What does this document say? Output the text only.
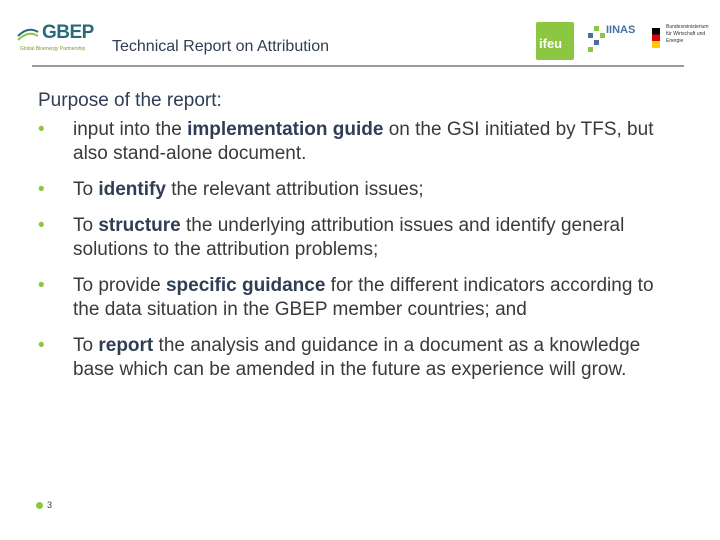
GBEP
Global Bioenergy Partnership Technical Report on Attribution	ifeu
IINAS	Bundesministerium für Wirtschaft und Energie
Purpose of the report:
• input into the implementation guide on the GSI initiated by TFS, but also stand-alone document.
• To identify the relevant attribution issues;
• To structure the underlying attribution issues and identify general solutions to the attribution problems;
• To provide specific guidance for the different indicators according to the data situation in the GBEP member countries; and
• To report the analysis and guidance in a document as a knowledge base which can be amended in the future as experience will grow.
3
